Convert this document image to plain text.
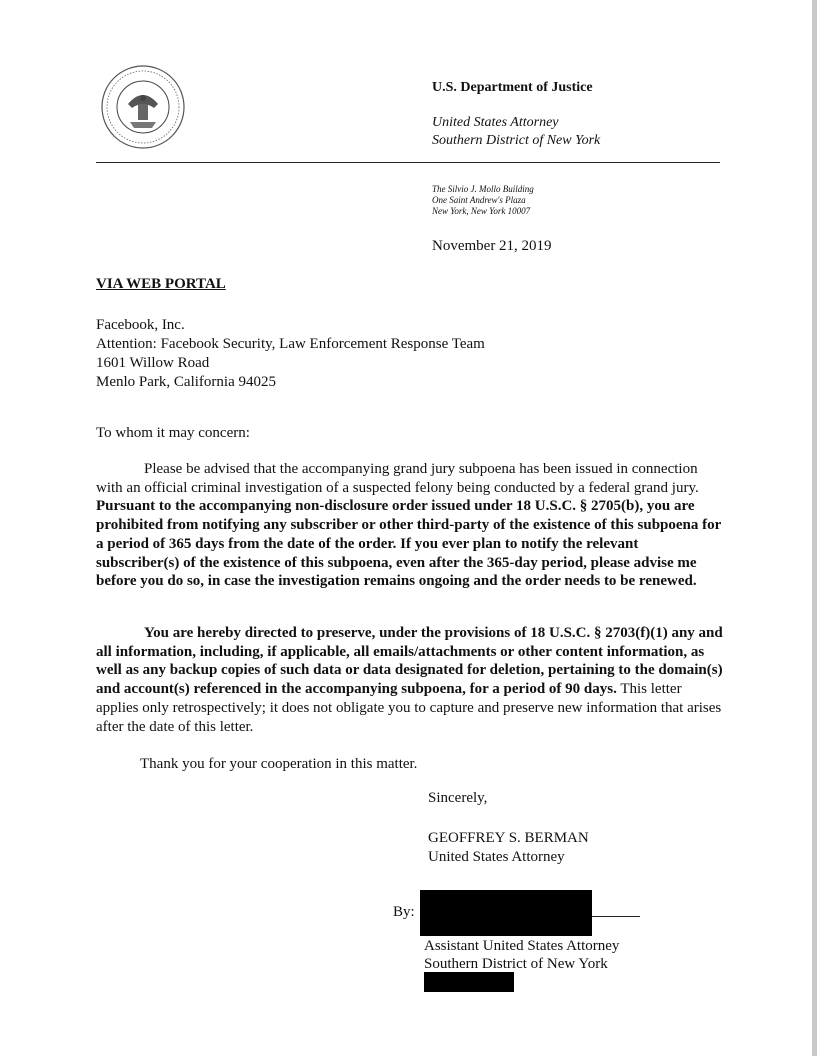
U.S. Department of Justice
United States Attorney
Southern District of New York
The Silvio J. Mollo Building
One Saint Andrew's Plaza
New York, New York 10007
November 21, 2019
VIA WEB PORTAL
Facebook, Inc.
Attention: Facebook Security, Law Enforcement Response Team
1601 Willow Road
Menlo Park, California 94025
To whom it may concern:

Please be advised that the accompanying grand jury subpoena has been issued in connection with an official criminal investigation of a suspected felony being conducted by a federal grand jury. Pursuant to the accompanying non-disclosure order issued under 18 U.S.C. § 2705(b), you are prohibited from notifying any subscriber or other third-party of the existence of this subpoena for a period of 365 days from the date of the order. If you ever plan to notify the relevant subscriber(s) of the existence of this subpoena, even after the 365-day period, please advise me before you do so, in case the investigation remains ongoing and the order needs to be renewed.

You are hereby directed to preserve, under the provisions of 18 U.S.C. § 2703(f)(1) any and all information, including, if applicable, all emails/attachments or other content information, as well as any backup copies of such data or data designated for deletion, pertaining to the domain(s) and account(s) referenced in the accompanying subpoena, for a period of 90 days. This letter applies only retrospectively; it does not obligate you to capture and preserve new information that arises after the date of this letter.

Thank you for your cooperation in this matter.
Sincerely,
GEOFFREY S. BERMAN
United States Attorney
By:
Assistant United States Attorney
Southern District of New York
